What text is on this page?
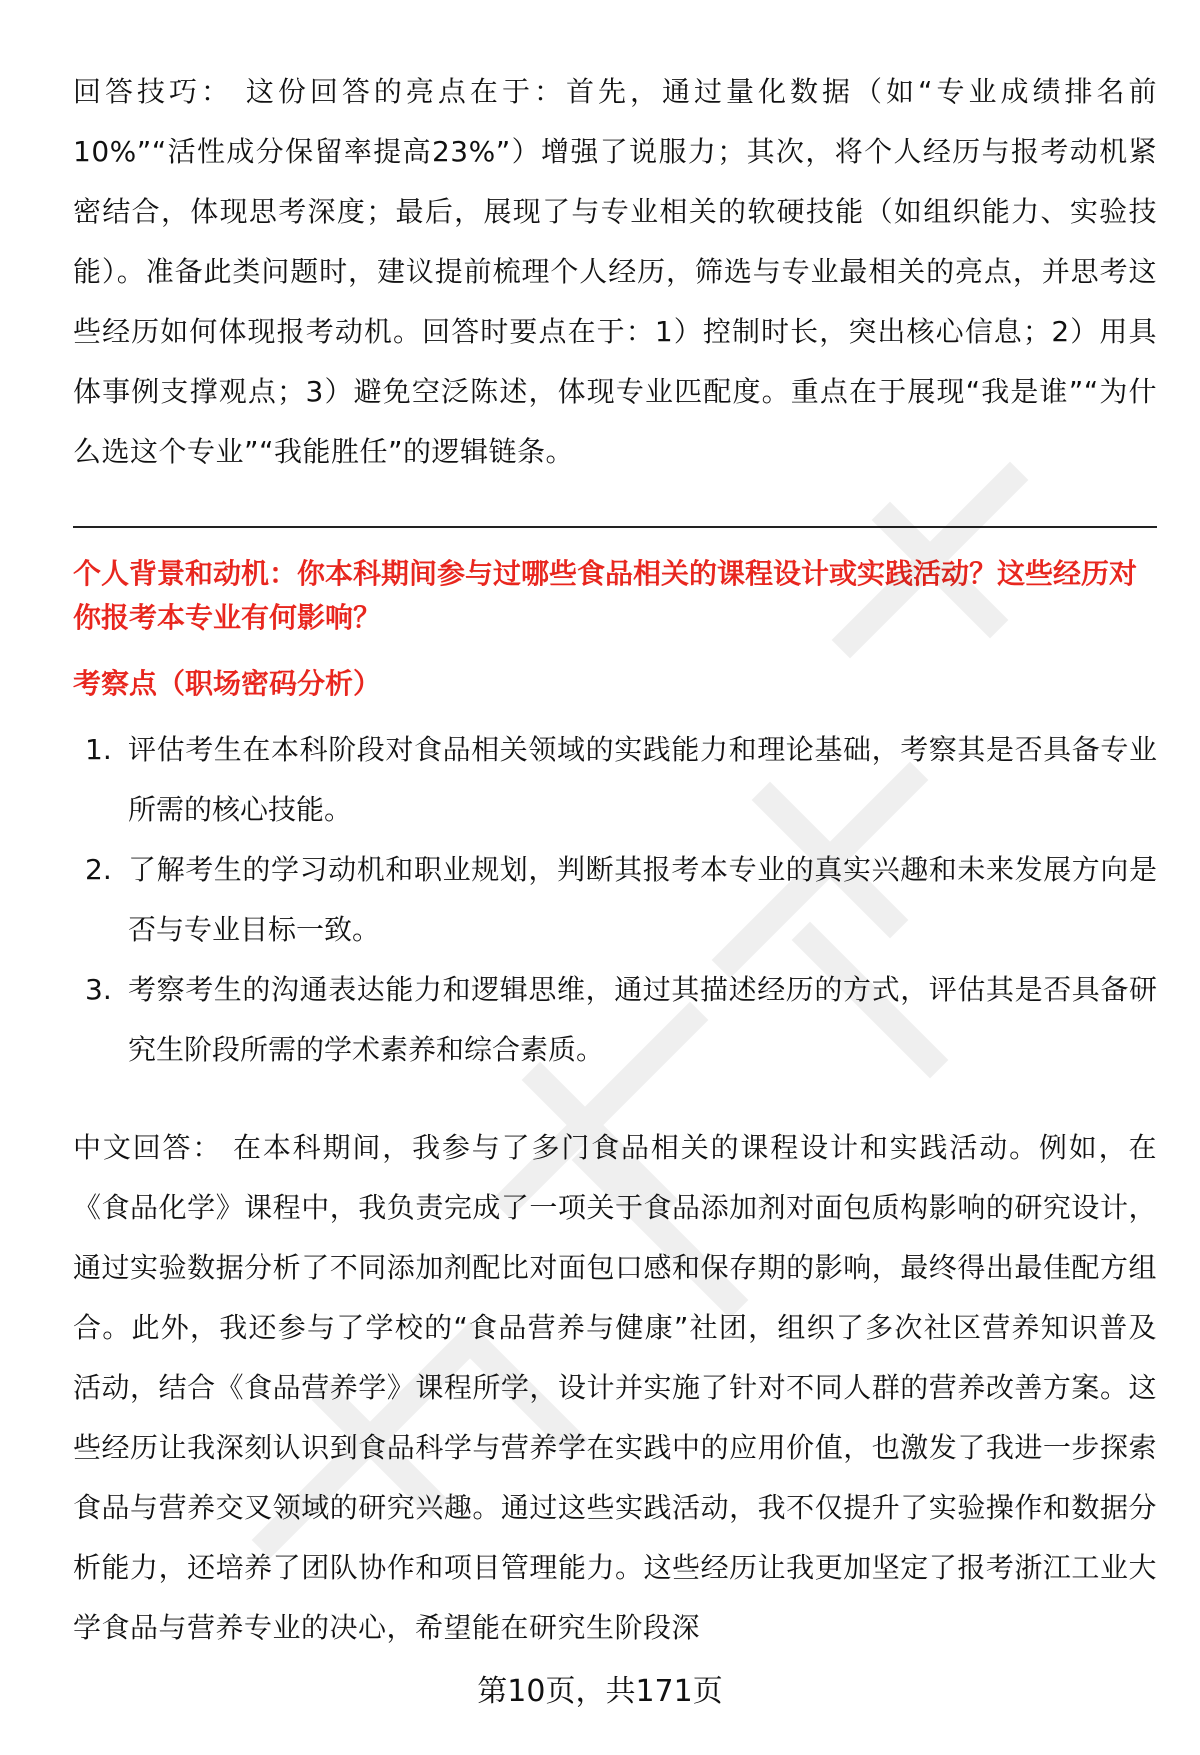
回答技巧： 这份回答的亮点在于：首先，通过量化数据（如“专业成绩排名前10%”“活性成分保留率提高23%”）增强了说服力；其次，将个人经历与报考动机紧密结合，体现思考深度；最后，展现了与专业相关的软硬技能（如组织能力、实验技能）。准备此类问题时，建议提前梳理个人经历，筛选与专业最相关的亮点，并思考这些经历如何体现报考动机。回答时要点在于：1）控制时长，突出核心信息；2）用具体事例支撑观点；3）避免空泛陈述，体现专业匹配度。重点在于展现“我是谁”“为什么选这个专业”“我能胜任”的逻辑链条。

个人背景和动机：你本科期间参与过哪些食品相关的课程设计或实践活动？这些经历对你报考本专业有何影响？

考察点（职场密码分析）
1. 评估考生在本科阶段对食品相关领域的实践能力和理论基础，考察其是否具备专业所需的核心技能。
2. 了解考生的学习动机和职业规划，判断其报考本专业的真实兴趣和未来发展方向是否与专业目标一致。
3. 考察考生的沟通表达能力和逻辑思维，通过其描述经历的方式，评估其是否具备研究生阶段所需的学术素养和综合素质。

中文回答： 在本科期间，我参与了多门食品相关的课程设计和实践活动。例如，在《食品化学》课程中，我负责完成了一项关于食品添加剂对面包质构影响的研究设计，通过实验数据分析了不同添加剂配比对面包口感和保存期的影响，最终得出最佳配方组合。此外，我还参与了学校的“食品营养与健康”社团，组织了多次社区营养知识普及活动，结合《食品营养学》课程所学，设计并实施了针对不同人群的营养改善方案。这些经历让我深刻认识到食品科学与营养学在实践中的应用价值，也激发了我进一步探索食品与营养交叉领域的研究兴趣。通过这些实践活动，我不仅提升了实验操作和数据分析能力，还培养了团队协作和项目管理能力。这些经历让我更加坚定了报考浙江工业大学食品与营养专业的决心，希望能在研究生阶段深

第10页，共171页
